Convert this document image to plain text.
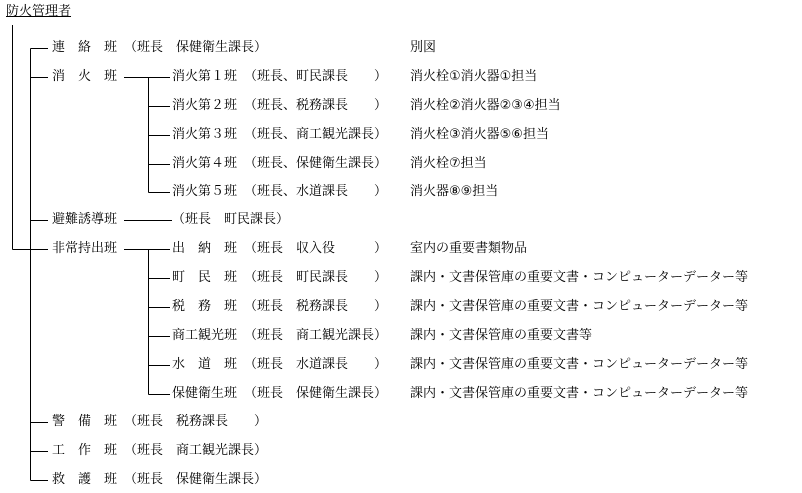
防火管理者
連　絡　班 （班長　保健衛生課長）	別図
消　火　班
避難誘導班	（班長　町民課長）
非常持出班
警　備　班 （班長　税務課長　　）
工　作　班 （班長　商工観光課長）
救　護　班 （班長　保健衛生課長）
消火第１班 （班長、町民課長　　） 消火栓①消火器①担当
消火第２班 （班長、税務課長　　） 消火栓②消火器②③④担当
消火第３班 （班長、商工観光課長） 消火栓③消火器⑤⑥担当
消火第４班 （班長、保健衛生課長） 消火栓⑦担当
消火第５班 （班長、水道課長　　） 消火器⑧⑨担当
出　納　班 （班長　収入役　　　） 室内の重要書類物品
町　民　班 （班長　町民課長　　） 課内・文書保管庫の重要文書・コンピューターデーター等
税　務　班 （班長　税務課長　　） 課内・文書保管庫の重要文書・コンピューターデーター等
商工観光班 （班長　商工観光課長） 課内・文書保管庫の重要文書等
水　道　班 （班長　水道課長　　） 課内・文書保管庫の重要文書・コンピューターデーター等
保健衛生班 （班長　保健衛生課長） 課内・文書保管庫の重要文書・コンピューターデーター等
